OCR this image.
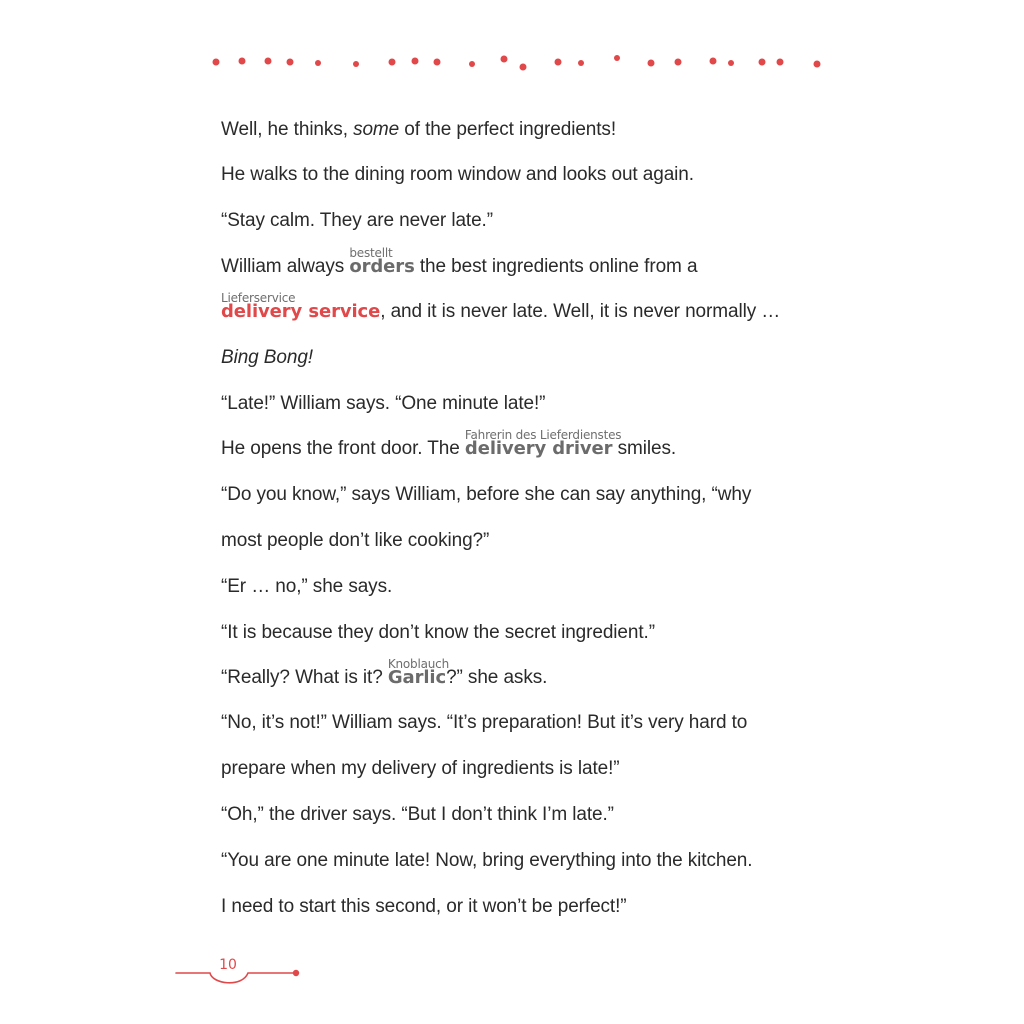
Well, he thinks, some of the perfect ingredients!
He walks to the dining room window and looks out again.
“Stay calm. They are never late.”
William always
bestellt
orders the best ingredients online from a
Lieferservice
delivery service, and it is never late. Well, it is never normally …
Bing Bong!
“Late!” William says. “One minute late!”
He opens the front door. The
Fahrerin des Lieferdienstes
delivery driver smiles.
“Do you know,” says William, before she can say anything, “why
most people don’t like cooking?”
“Er … no,” she says.
“It is because they don’t know the secret ingredient.”
“Really? What is it?
Knoblauch
Garlic?” she asks.
“No, it’s not!” William says. “It’s preparation! But it’s very hard to
prepare when my delivery of ingredients is late!”
“Oh,” the driver says. “But I don’t think I’m late.”
“You are one minute late! Now, bring everything into the kitchen.
I need to start this second, or it won’t be perfect!”
10
